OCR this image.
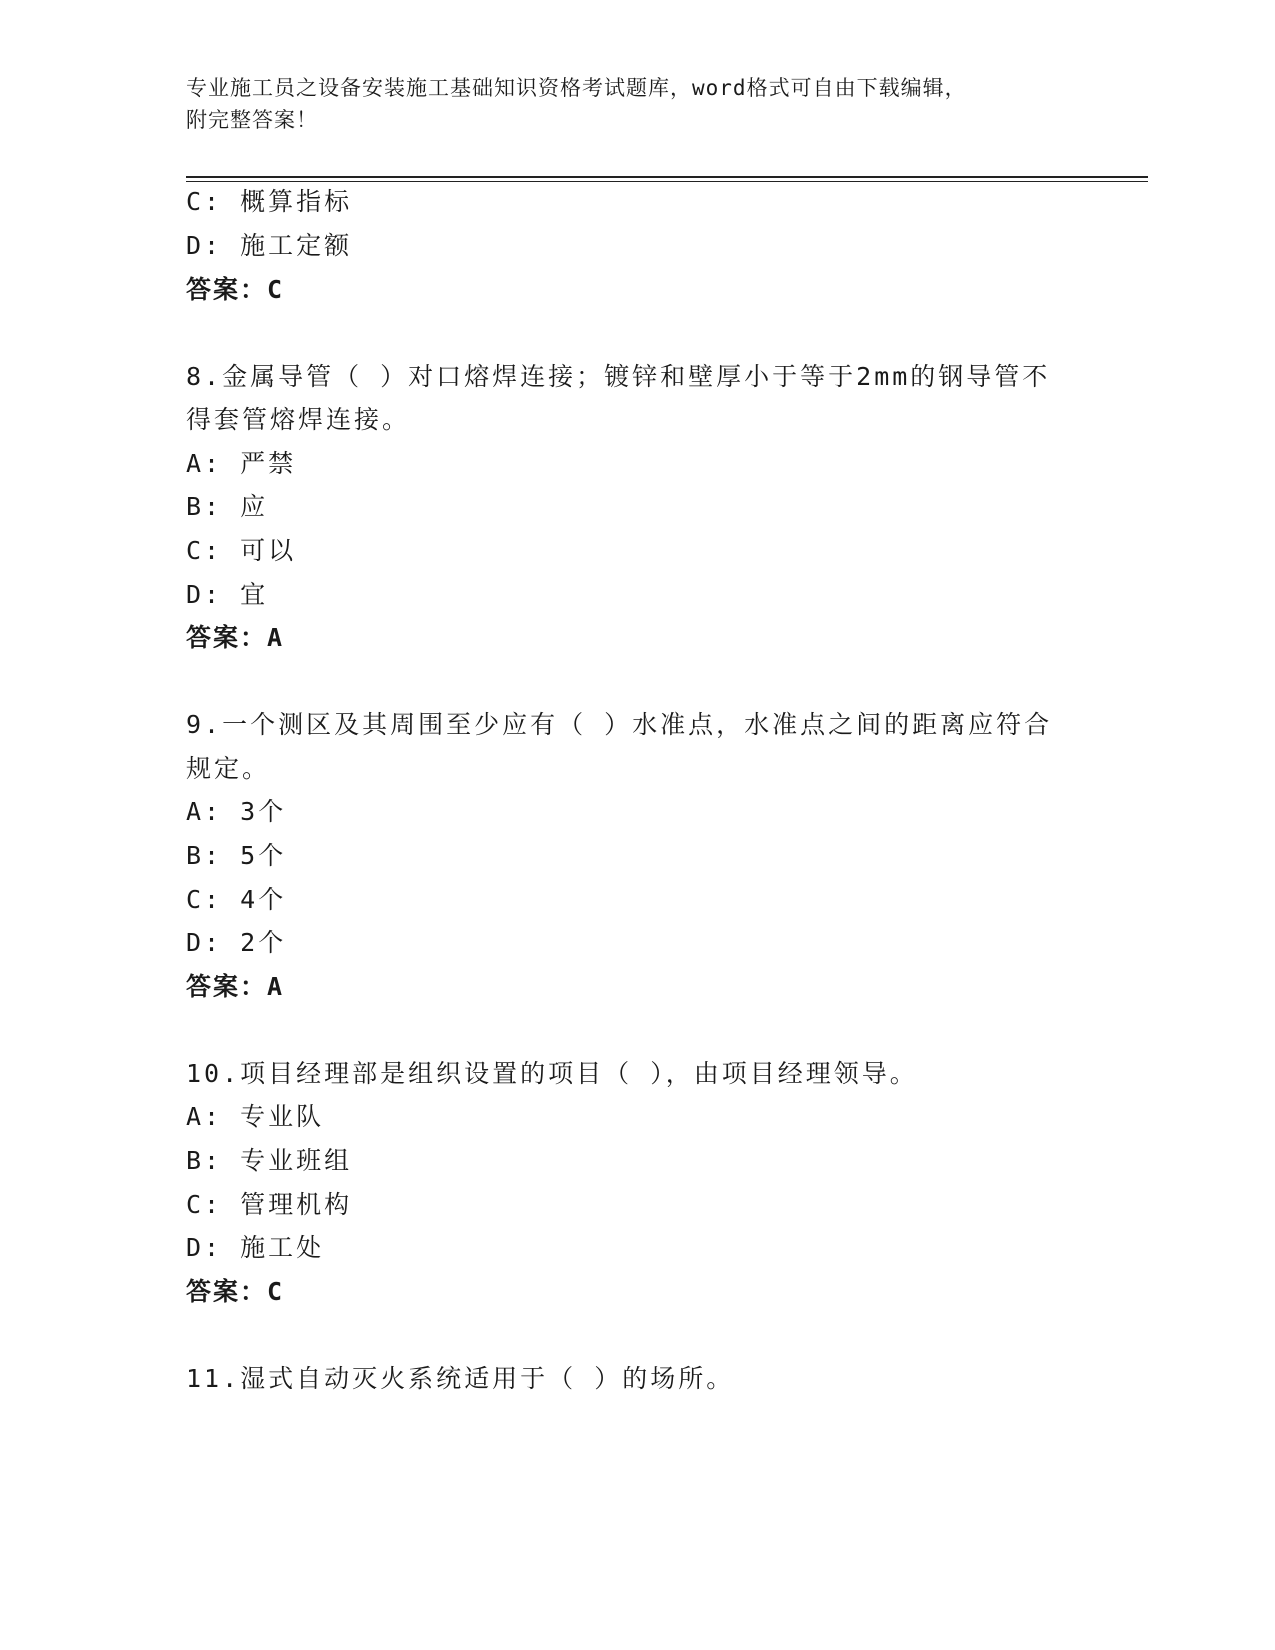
专业施工员之设备安装施工基础知识资格考试题库，word格式可自由下载编辑，
附完整答案！
C: 概算指标
D: 施工定额
答案：C
8.金属导管（ ）对口熔焊连接；镀锌和壁厚小于等于2mm的钢导管不
得套管熔焊连接。
A: 严禁
B: 应
C: 可以
D: 宜
答案：A
9.一个测区及其周围至少应有（ ）水准点，水准点之间的距离应符合
规定。
A: 3个
B: 5个
C: 4个
D: 2个
答案：A
10.项目经理部是组织设置的项目（ ），由项目经理领导。
A: 专业队
B: 专业班组
C: 管理机构
D: 施工处
答案：C
11.湿式自动灭火系统适用于（ ）的场所。
